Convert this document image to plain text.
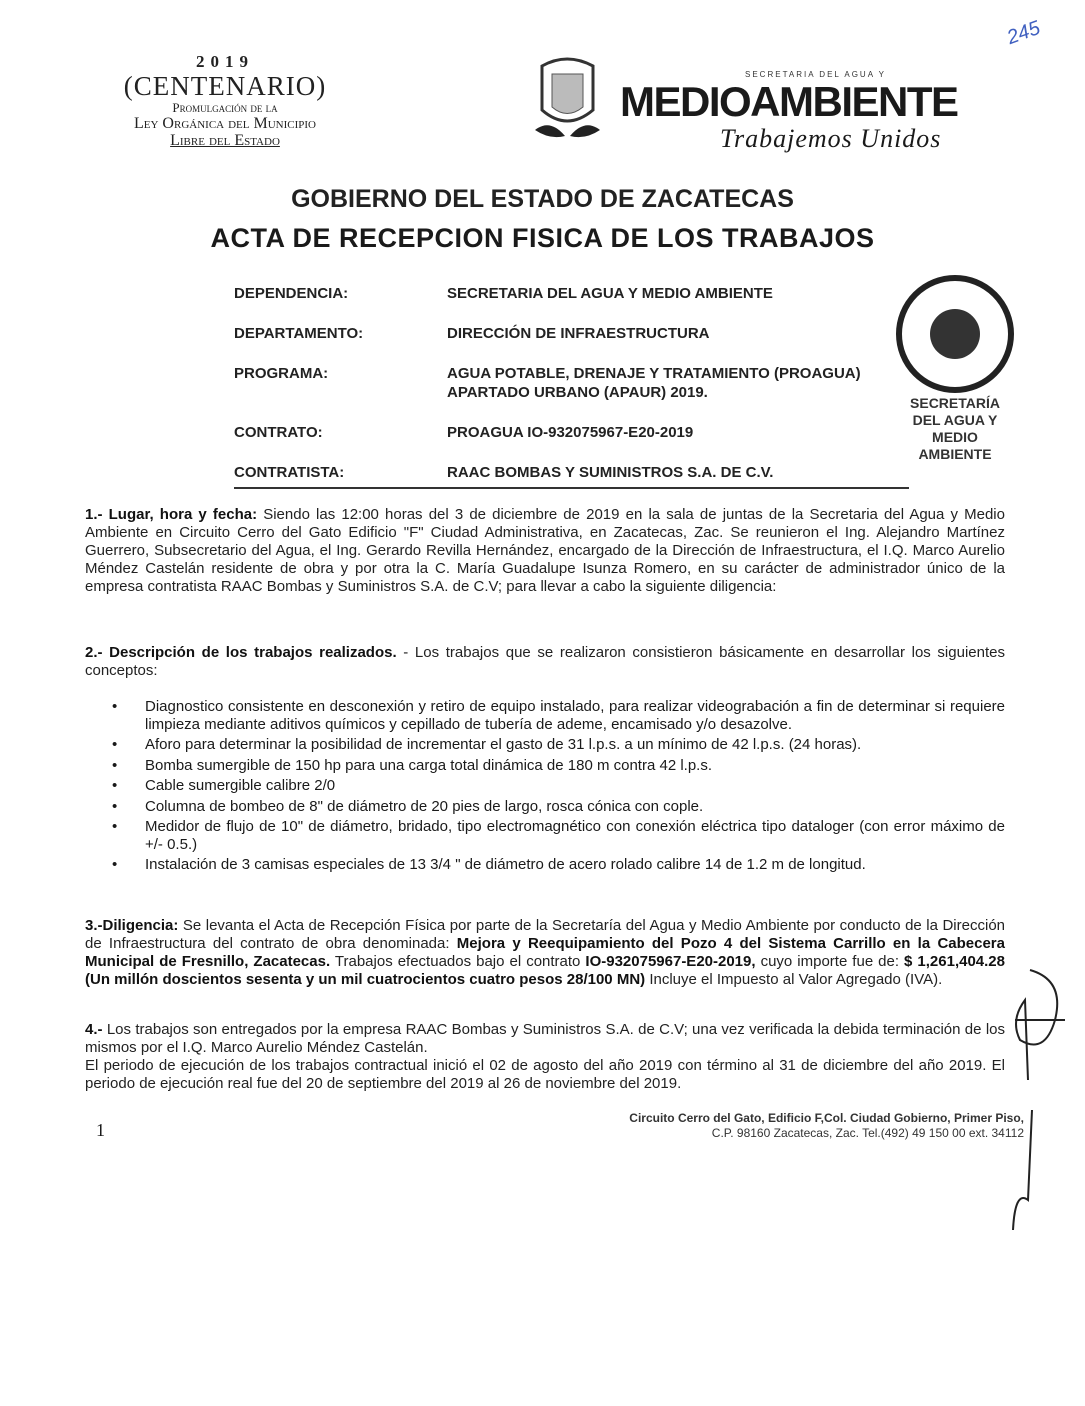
2019
(CENTENARIO)
Promulgación de la
Ley Orgánica del Municipio
Libre del Estado
SECRETARIA DEL AGUA Y
MEDIOAMBIENTE
Trabajemos Unidos
245
GOBIERNO DEL ESTADO DE ZACATECAS
ACTA DE RECEPCION FISICA DE LOS TRABAJOS
DEPENDENCIA:	SECRETARIA DEL AGUA Y MEDIO AMBIENTE
DEPARTAMENTO:	DIRECCIÓN DE INFRAESTRUCTURA
PROGRAMA:	AGUA POTABLE, DRENAJE Y TRATAMIENTO (PROAGUA) APARTADO URBANO (APAUR) 2019.
CONTRATO:	PROAGUA IO-932075967-E20-2019
CONTRATISTA:	RAAC BOMBAS Y SUMINISTROS S.A. DE C.V.
SECRETARÍA
DEL AGUA Y
MEDIO AMBIENTE
1.- Lugar, hora y fecha: Siendo las 12:00 horas del 3 de diciembre de 2019 en la sala de juntas de la Secretaria del Agua y Medio Ambiente en Circuito Cerro del Gato Edificio "F" Ciudad Administrativa, en Zacatecas, Zac. Se reunieron el Ing. Alejandro Martínez Guerrero, Subsecretario del Agua, el Ing. Gerardo Revilla Hernández, encargado de la Dirección de Infraestructura, el I.Q. Marco Aurelio Méndez Castelán residente de obra y por otra la C. María Guadalupe Isunza Romero, en su carácter de administrador único de la empresa contratista RAAC Bombas y Suministros S.A. de C.V; para llevar a cabo la siguiente diligencia:
2.- Descripción de los trabajos realizados. - Los trabajos que se realizaron consistieron básicamente en desarrollar los siguientes conceptos:
• Diagnostico consistente en desconexión y retiro de equipo instalado, para realizar videograbación a fin de determinar si requiere limpieza mediante aditivos químicos y cepillado de tubería de ademe, encamisado y/o desazolve.
• Aforo para determinar la posibilidad de incrementar el gasto de 31 l.p.s. a un mínimo de 42 l.p.s. (24 horas).
• Bomba sumergible de 150 hp para una carga total dinámica de 180 m contra 42 l.p.s.
• Cable sumergible calibre 2/0
• Columna de bombeo de 8" de diámetro de 20 pies de largo, rosca cónica con cople.
• Medidor de flujo de 10" de diámetro, bridado, tipo electromagnético con conexión eléctrica tipo dataloger (con error máximo de +/- 0.5.)
• Instalación de 3 camisas especiales de 13 3/4 " de diámetro de acero rolado calibre 14 de 1.2 m de longitud.
3.-Diligencia: Se levanta el Acta de Recepción Física por parte de la Secretaría del Agua y Medio Ambiente por conducto de la Dirección de Infraestructura del contrato de obra denominada: Mejora y Reequipamiento del Pozo 4 del Sistema Carrillo en la Cabecera Municipal de Fresnillo, Zacatecas. Trabajos efectuados bajo el contrato IO-932075967-E20-2019, cuyo importe fue de: $ 1,261,404.28 (Un millón doscientos sesenta y un mil cuatrocientos cuatro pesos 28/100 MN) Incluye el Impuesto al Valor Agregado (IVA).
4.- Los trabajos son entregados por la empresa RAAC Bombas y Suministros S.A. de C.V; una vez verificada la debida terminación de los mismos por el I.Q. Marco Aurelio Méndez Castelán.
El periodo de ejecución de los trabajos contractual inició el 02 de agosto del año 2019 con término al 31 de diciembre del año 2019. El periodo de ejecución real fue del 20 de septiembre del 2019 al 26 de noviembre del 2019.
1
Circuito Cerro del Gato, Edificio F,Col. Ciudad Gobierno, Primer Piso,
C.P. 98160 Zacatecas, Zac. Tel.(492) 49 150 00 ext. 34112
